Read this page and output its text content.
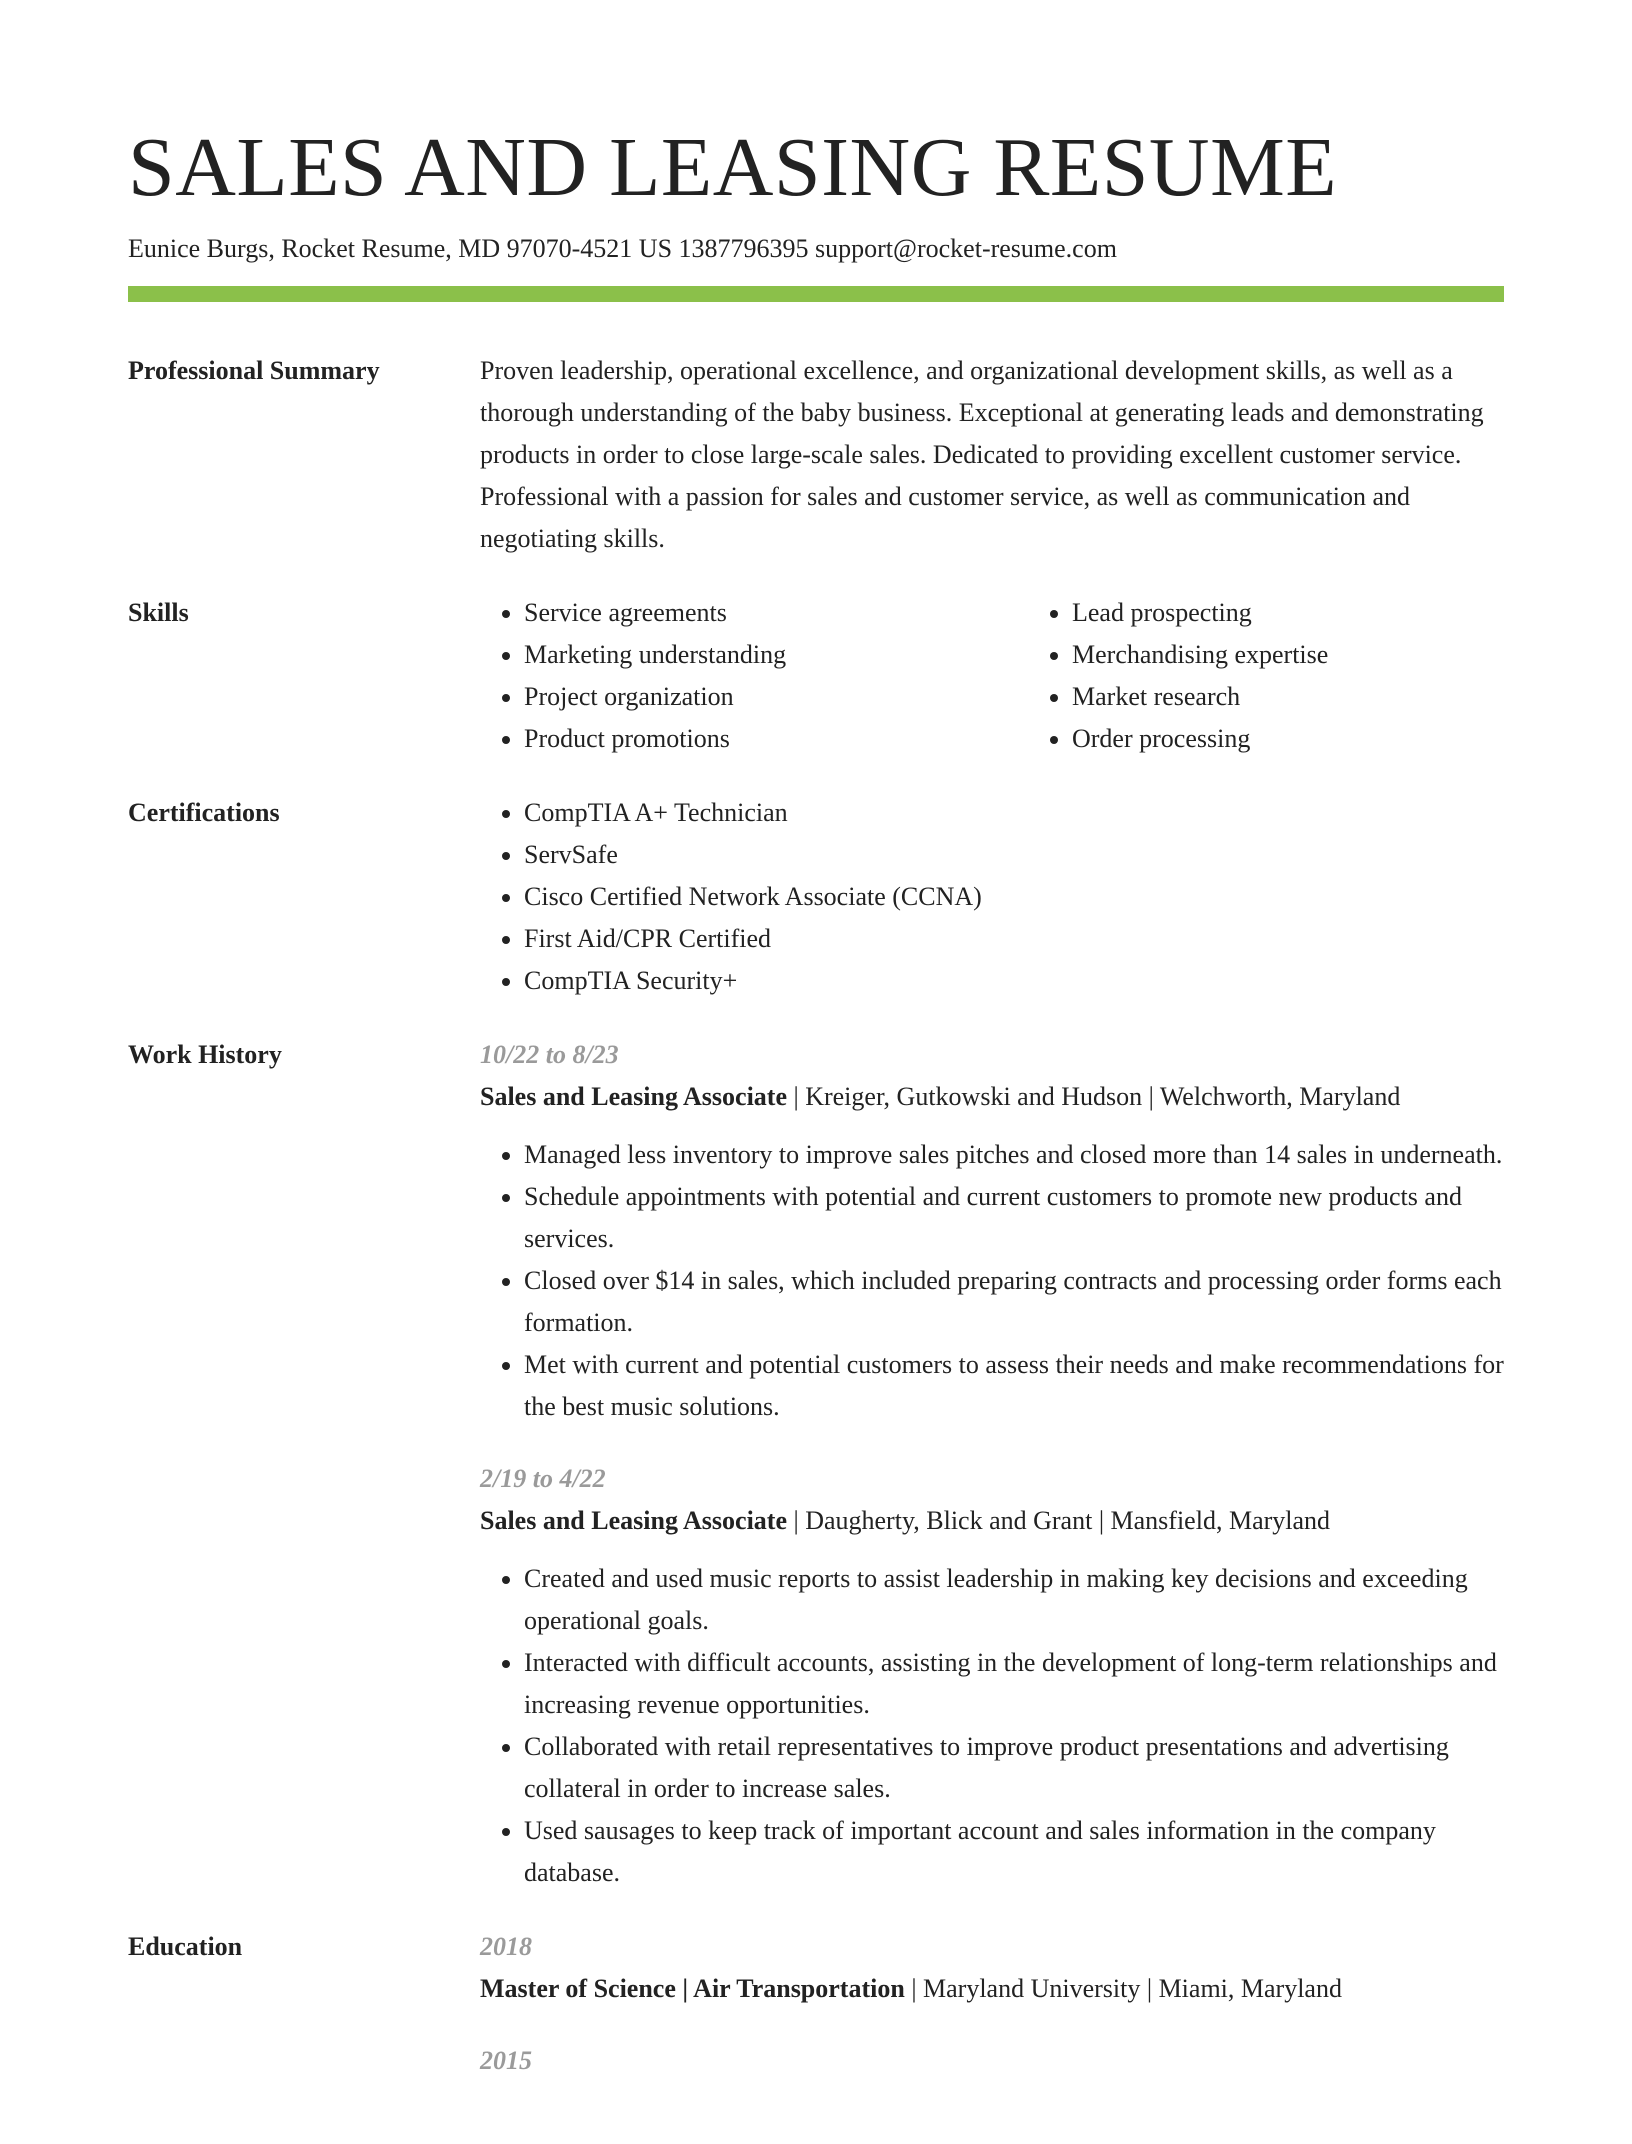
SALES AND LEASING RESUME
Eunice Burgs, Rocket Resume, MD 97070-4521 US 1387796395 support@rocket-resume.com
Professional Summary	Proven leadership, operational excellence, and organizational development skills, as well as a thorough understanding of the baby business. Exceptional at generating leads and demonstrating products in order to close large-scale sales. Dedicated to providing excellent customer service. Professional with a passion for sales and customer service, as well as communication and negotiating skills.

Skills	• Service agreements
• Marketing understanding
• Project organization
• Product promotions
• Lead prospecting
• Merchandising expertise
• Market research
• Order processing
Certifications	• CompTIA A+ Technician
• ServSafe
• Cisco Certified Network Associate (CCNA)
• First Aid/CPR Certified
• CompTIA Security+
Work History	10/22 to 8/23
Sales and Leasing Associate | Kreiger, Gutkowski and Hudson | Welchworth, Maryland
• Managed less inventory to improve sales pitches and closed more than 14 sales in underneath.
• Schedule appointments with potential and current customers to promote new products and services.
• Closed over $14 in sales, which included preparing contracts and processing order forms each formation.
• Met with current and potential customers to assess their needs and make recommendations for the best music solutions.
2/19 to 4/22
Sales and Leasing Associate | Daugherty, Blick and Grant | Mansfield, Maryland
• Created and used music reports to assist leadership in making key decisions and exceeding operational goals.
• Interacted with difficult accounts, assisting in the development of long-term relationships and increasing revenue opportunities.
• Collaborated with retail representatives to improve product presentations and advertising collateral in order to increase sales.
• Used sausages to keep track of important account and sales information in the company database.
Education	2018
Master of Science | Air Transportation | Maryland University | Miami, Maryland
2015
